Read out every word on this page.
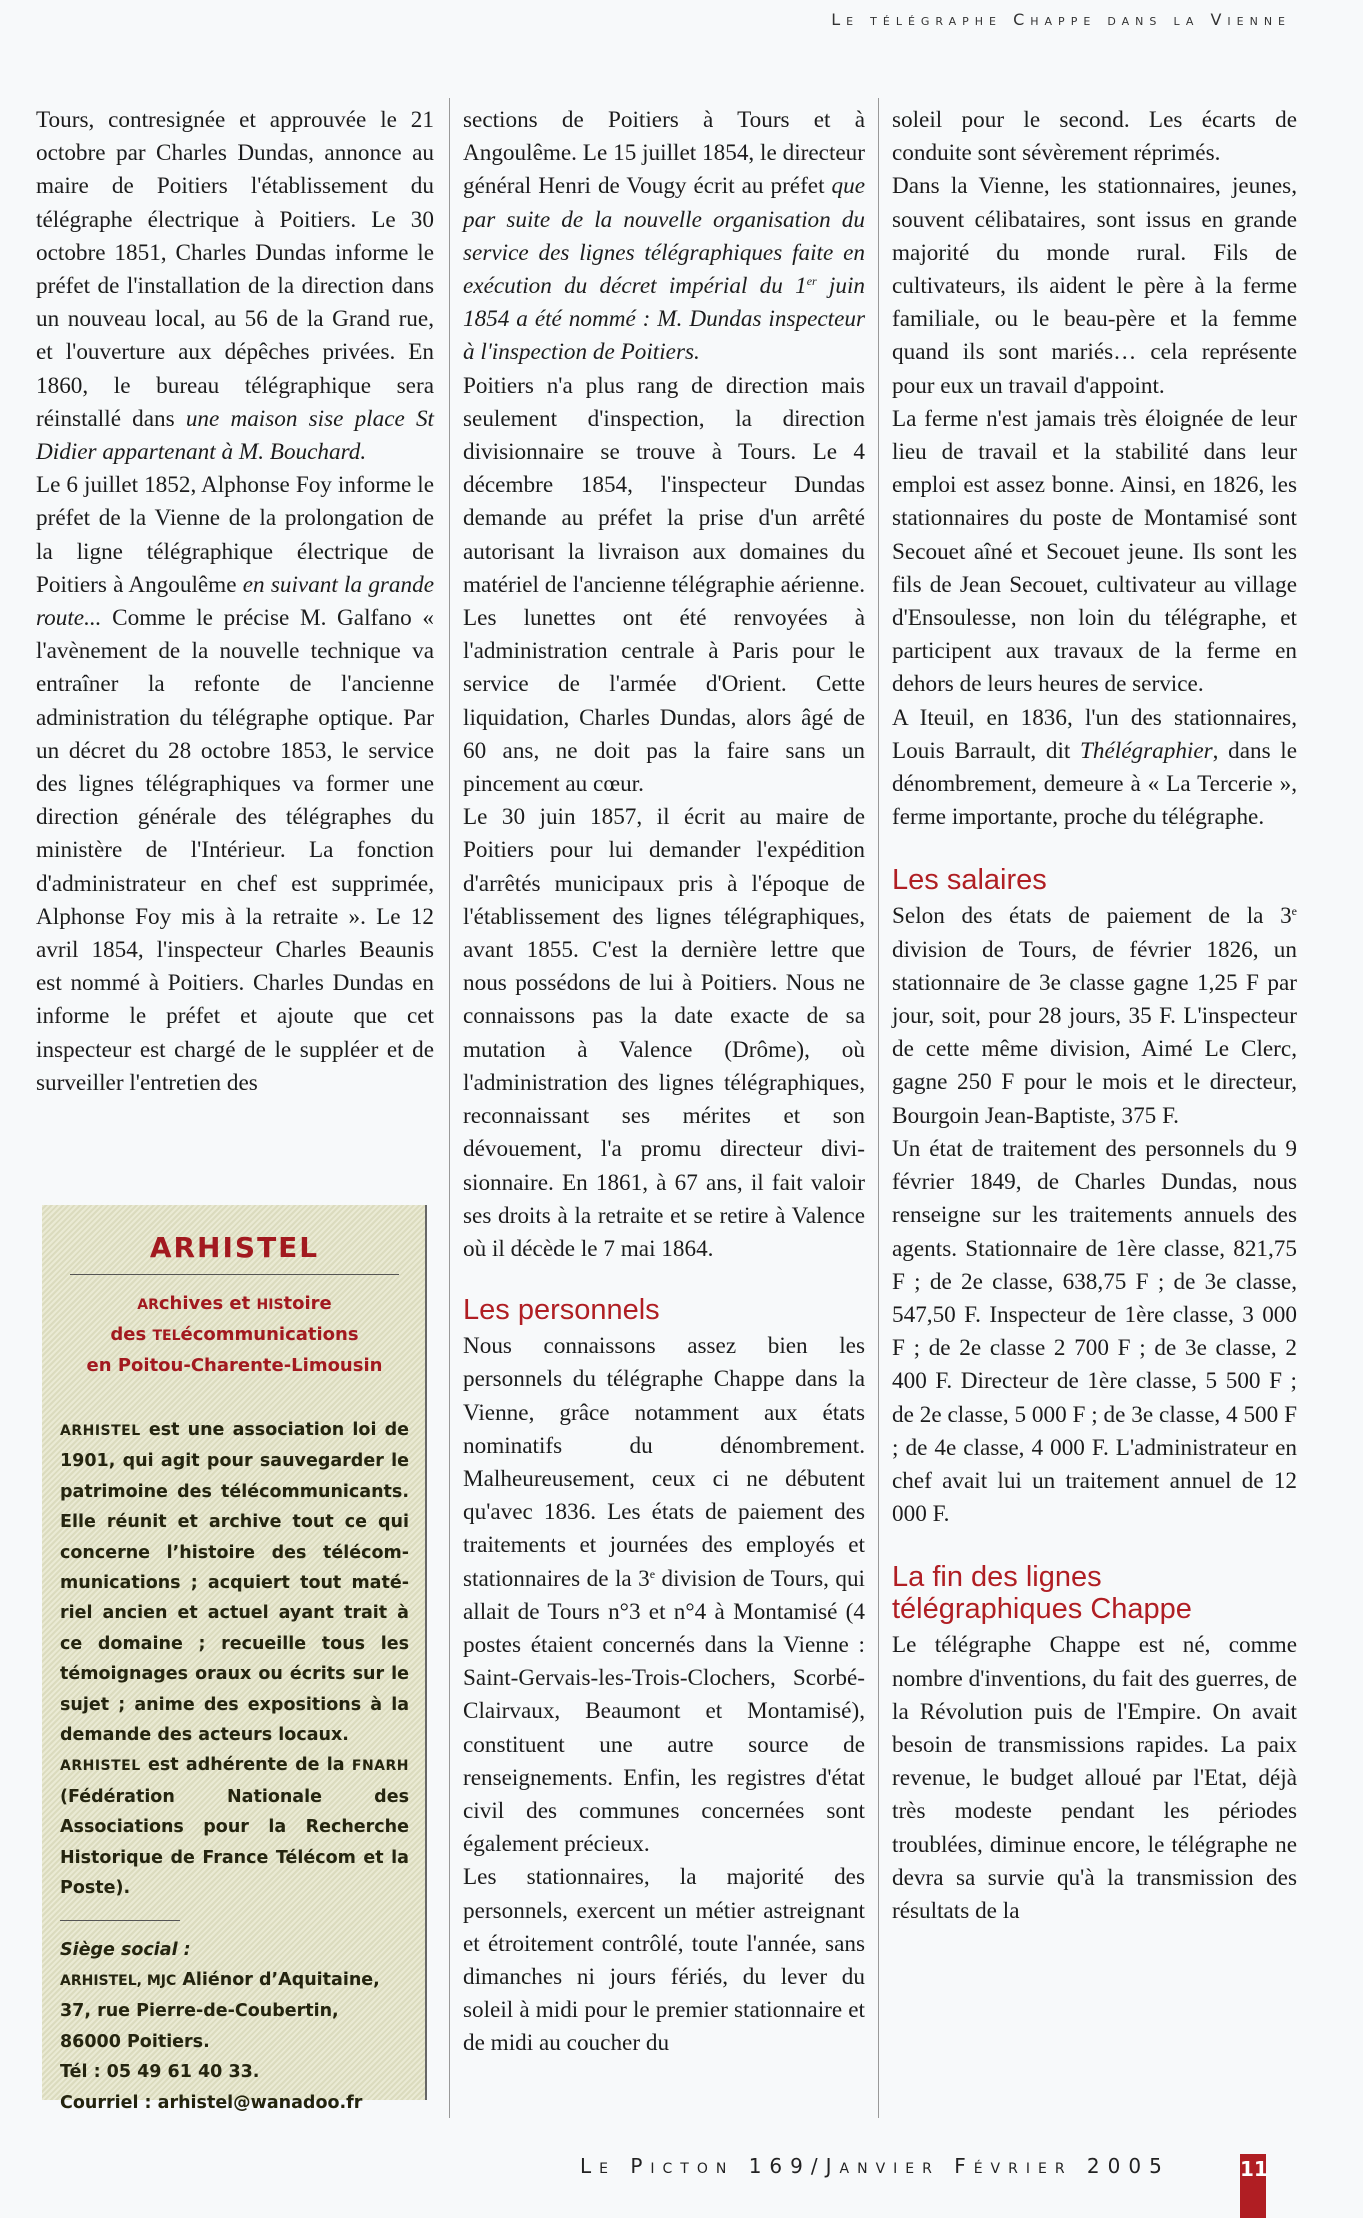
Le télégraphe Chappe dans la Vienne

Tours, contresignée et approuvée le 21 octobre par Charles Dundas, annonce au maire de Poitiers l'établissement du télégraphe électrique à Poitiers. Le 30 octobre 1851, Charles Dundas informe le préfet de l'installation de la direction dans un nouveau local, au 56 de la Grand rue, et l'ouverture aux dépêches privées. En 1860, le bureau télégraphique sera réinstallé dans une maison sise place St Didier appartenant à M. Bouchard.

Le 6 juillet 1852, Alphonse Foy informe le préfet de la Vienne de la prolongation de la ligne télégraphique électrique de Poitiers à Angoulême en suivant la grande route... Comme le précise M. Galfano « l'avènement de la nouvelle technique va entraîner la refonte de l'ancienne administration du télégraphe optique. Par un décret du 28 octobre 1853, le service des lignes télégraphiques va former une direction générale des télégraphes du ministère de l'Intérieur. La fonction d'administrateur en chef est supprimée, Alphonse Foy mis à la retraite ». Le 12 avril 1854, l'inspecteur Charles Beaunis est nommé à Poitiers. Charles Dundas en informe le préfet et ajoute que cet inspecteur est chargé de le suppléer et de surveiller l'entretien des

ARHISTEL
ARchives et HIStoire
des TELécommunications
en Poitou-Charente-Limousin

ARHISTEL est une association loi de 1901, qui agit pour sauvegarder le patrimoine des télécommunicants. Elle réunit et archive tout ce qui concerne l’histoire des télécommunications ; acquiert tout matériel ancien et actuel ayant trait à ce domaine ; recueille tous les témoignages oraux ou écrits sur le sujet ; anime des expositions à la demande des acteurs locaux.

ARHISTEL est adhérente de la FNARH (Fédération Nationale des Associations pour la Recherche Historique de France Télécom et la Poste).

Siège social :
ARHISTEL, MJC Aliénor d’Aquitaine,
37, rue Pierre-de-Coubertin,
86000 Poitiers.
Tél : 05 49 61 40 33.
Courriel : arhistel@wanadoo.fr

sections de Poitiers à Tours et à Angoulême. Le 15 juillet 1854, le directeur général Henri de Vougy écrit au préfet que par suite de la nouvelle organisation du service des lignes télégraphiques faite en exécution du décret impérial du 1er juin 1854 a été nommé : M. Dundas inspecteur à l'inspection de Poitiers.

Poitiers n'a plus rang de direction mais seulement d'inspection, la direction divisionnaire se trouve à Tours. Le 4 décembre 1854, l'inspecteur Dundas demande au préfet la prise d'un arrêté autorisant la livraison aux domaines du matériel de l'ancienne télégraphie aérienne. Les lunettes ont été renvoyées à l'administration centrale à Paris pour le service de l'armée d'Orient. Cette liquidation, Charles Dundas, alors âgé de 60 ans, ne doit pas la faire sans un pincement au cœur.

Le 30 juin 1857, il écrit au maire de Poitiers pour lui demander l'expédition d'arrêtés municipaux pris à l'époque de l'établissement des lignes télégraphiques, avant 1855. C'est la dernière lettre que nous possédons de lui à Poitiers. Nous ne connaissons pas la date exacte de sa mutation à Valence (Drôme), où l'administration des lignes télégraphiques, reconnaissant ses mérites et son dévouement, l'a promu directeur divisionnaire. En 1861, à 67 ans, il fait valoir ses droits à la retraite et se retire à Valence où il décède le 7 mai 1864.

Les personnels

Nous connaissons assez bien les personnels du télégraphe Chappe dans la Vienne, grâce notamment aux états nominatifs du dénombrement. Malheureusement, ceux ci ne débutent qu'avec 1836. Les états de paiement des traitements et journées des employés et stationnaires de la 3e division de Tours, qui allait de Tours n°3 et n°4 à Montamisé (4 postes étaient concernés dans la Vienne : Saint-Gervais-les-Trois-Clochers, Scorbé-Clairvaux, Beaumont et Montamisé), constituent une autre source de renseignements. Enfin, les registres d'état civil des communes concernées sont également précieux.

Les stationnaires, la majorité des personnels, exercent un métier astreignant et étroitement contrôlé, toute l'année, sans dimanches ni jours fériés, du lever du soleil à midi pour le premier stationnaire et de midi au coucher du

soleil pour le second. Les écarts de conduite sont sévèrement réprimés.

Dans la Vienne, les stationnaires, jeunes, souvent célibataires, sont issus en grande majorité du monde rural. Fils de cultivateurs, ils aident le père à la ferme familiale, ou le beau-père et la femme quand ils sont mariés… cela représente pour eux un travail d'appoint.

La ferme n'est jamais très éloignée de leur lieu de travail et la stabilité dans leur emploi est assez bonne. Ainsi, en 1826, les stationnaires du poste de Montamisé sont Secouet aîné et Secouet jeune. Ils sont les fils de Jean Secouet, cultivateur au village d'Ensoulesse, non loin du télégraphe, et participent aux travaux de la ferme en dehors de leurs heures de service.

A Iteuil, en 1836, l'un des stationnaires, Louis Barrault, dit Thélégraphier, dans le dénombrement, demeure à « La Tercerie », ferme importante, proche du télégraphe.

Les salaires

Selon des états de paiement de la 3e division de Tours, de février 1826, un stationnaire de 3e classe gagne 1,25 F par jour, soit, pour 28 jours, 35 F. L'inspecteur de cette même division, Aimé Le Clerc, gagne 250 F pour le mois et le directeur, Bourgoin Jean-Baptiste, 375 F.

Un état de traitement des personnels du 9 février 1849, de Charles Dundas, nous renseigne sur les traitements annuels des agents. Stationnaire de 1ère classe, 821,75 F ; de 2e classe, 638,75 F ; de 3e classe, 547,50 F. Inspecteur de 1ère classe, 3 000 F ; de 2e classe 2 700 F ; de 3e classe, 2 400 F. Directeur de 1ère classe, 5 500 F ; de 2e classe, 5 000 F ; de 3e classe, 4 500 F ; de 4e classe, 4 000 F. L'administrateur en chef avait lui un traitement annuel de 12 000 F.

La fin des lignes télégraphiques Chappe

Le télégraphe Chappe est né, comme nombre d'inventions, du fait des guerres, de la Révolution puis de l'Empire. On avait besoin de transmissions rapides. La paix revenue, le budget alloué par l'Etat, déjà très modeste pendant les périodes troublées, diminue encore, le télégraphe ne devra sa survie qu'à la transmission des résultats de la

Le Picton 169/Janvier Février 2005	11
